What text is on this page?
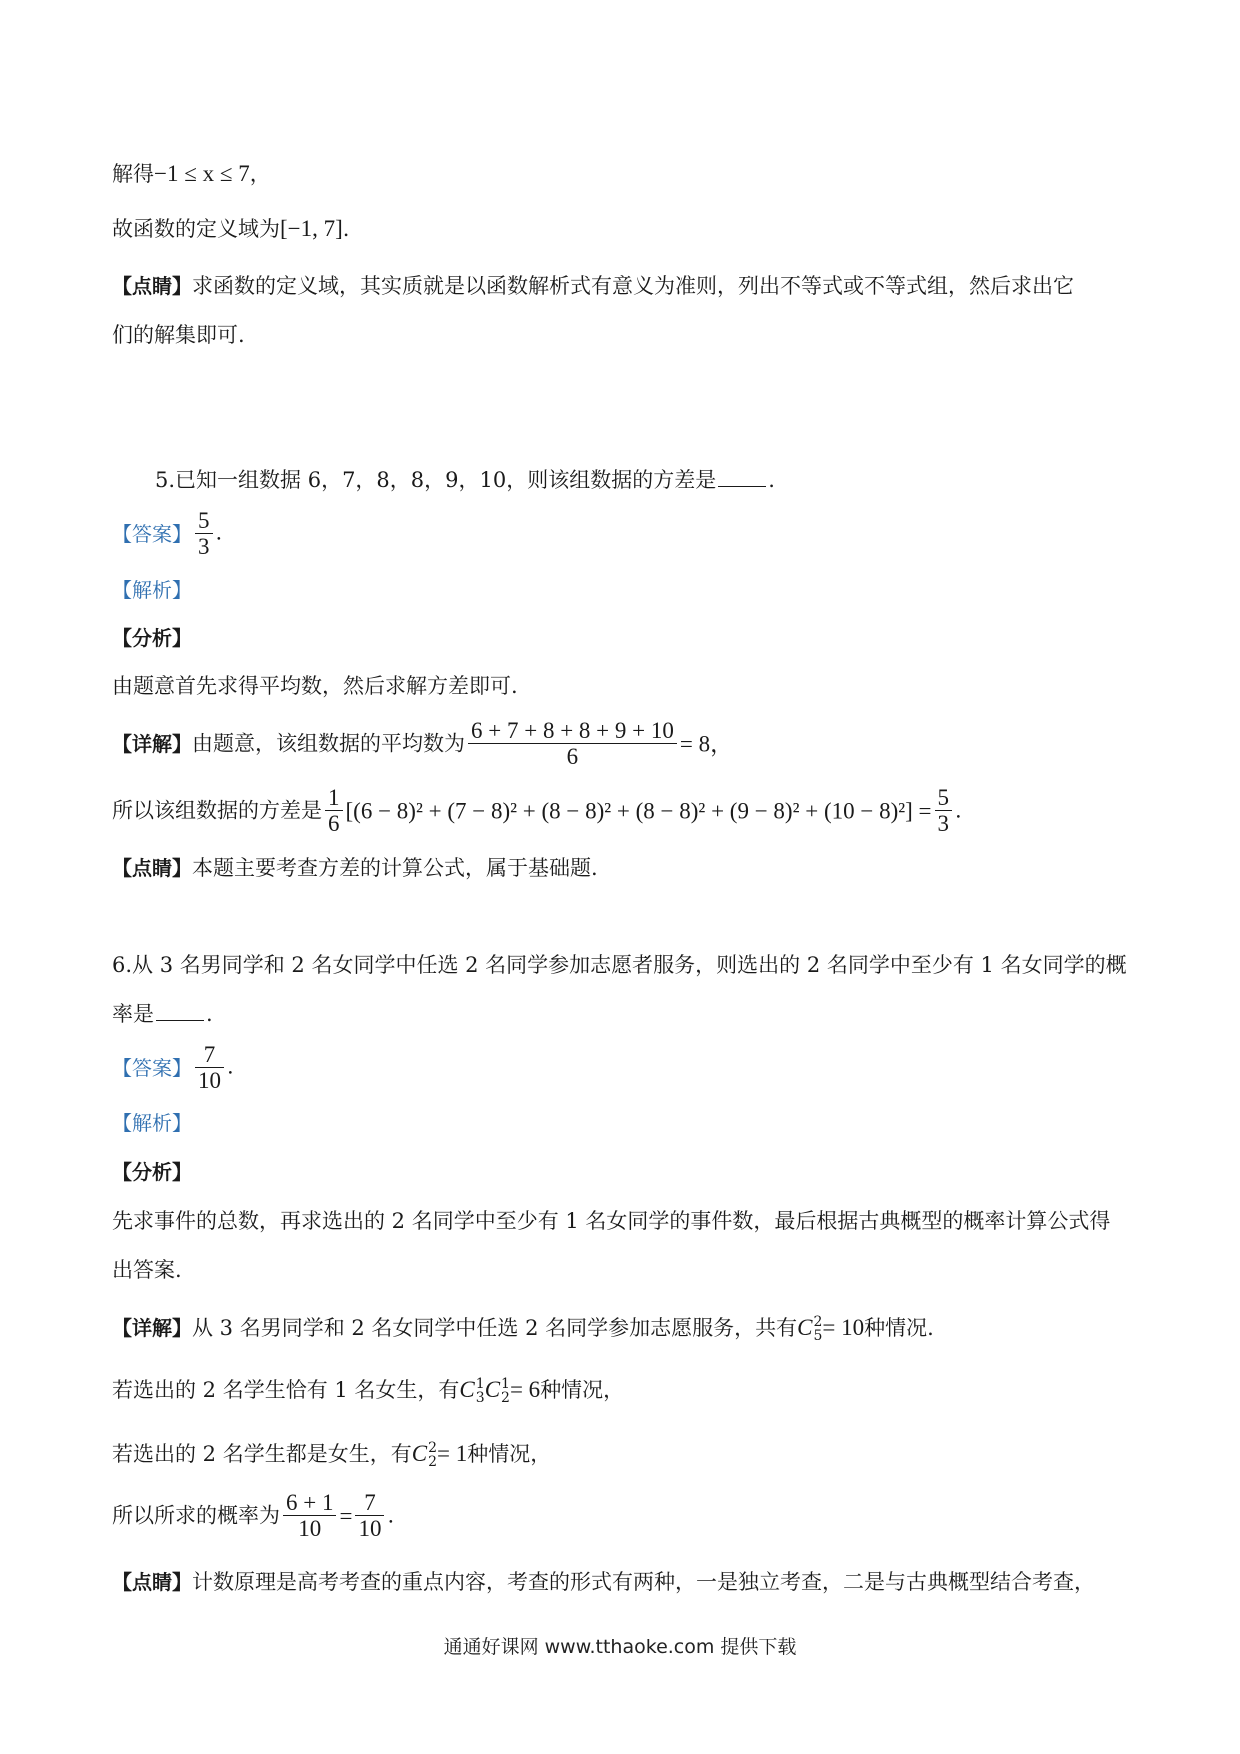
解得−1 ≤ x ≤ 7，
故函数的定义域为[−1, 7].
【点睛】求函数的定义域，其实质就是以函数解析式有意义为准则，列出不等式或不等式组，然后求出它
们的解集即可.
5.已知一组数据 6，7，8，8，9，10，则该组数据的方差是 .
【答案】 $\frac{5}{3}$ .
【解析】
【分析】
由题意首先求得平均数，然后求解方差即可.
【详解】由题意，该组数据的平均数为 $\frac{6 + 7 + 8 + 8 + 9 + 10}{6} = 8$，
所以该组数据的方差是 $\frac{1}{6} [(6 - 8)^2 + (7 - 8)^2 + (8 - 8)^2 + (8 - 8)^2 + (9 - 8)^2 + (10 - 8)^2] = \frac{5}{3}$ .
【点睛】本题主要考查方差的计算公式，属于基础题.
6.从 3 名男同学和 2 名女同学中任选 2 名同学参加志愿者服务，则选出的 2 名同学中至少有 1 名女同学的概
率是 .
【答案】 $\frac{7}{10}$ .
【解析】
【分析】
先求事件的总数，再求选出的 2 名同学中至少有 1 名女同学的事件数，最后根据古典概型的概率计算公式得
出答案.
【详解】从 3 名男同学和 2 名女同学中任选 2 名同学参加志愿服务，共有C 2
5 = 10种情况.
若选出的 2 名学生恰有 1 名女生，有C 1
3 C 1
2 = 6种情况，
若选出的 2 名学生都是女生，有C 2
2 = 1种情况，
所以所求的概率为 $\frac{6 + 1}{10} = \frac{7}{10}$ .
【点睛】计数原理是高考考查的重点内容，考查的形式有两种，一是独立考查，二是与古典概型结合考查，
通通好课网 www.tthaoke.com 提供下载
